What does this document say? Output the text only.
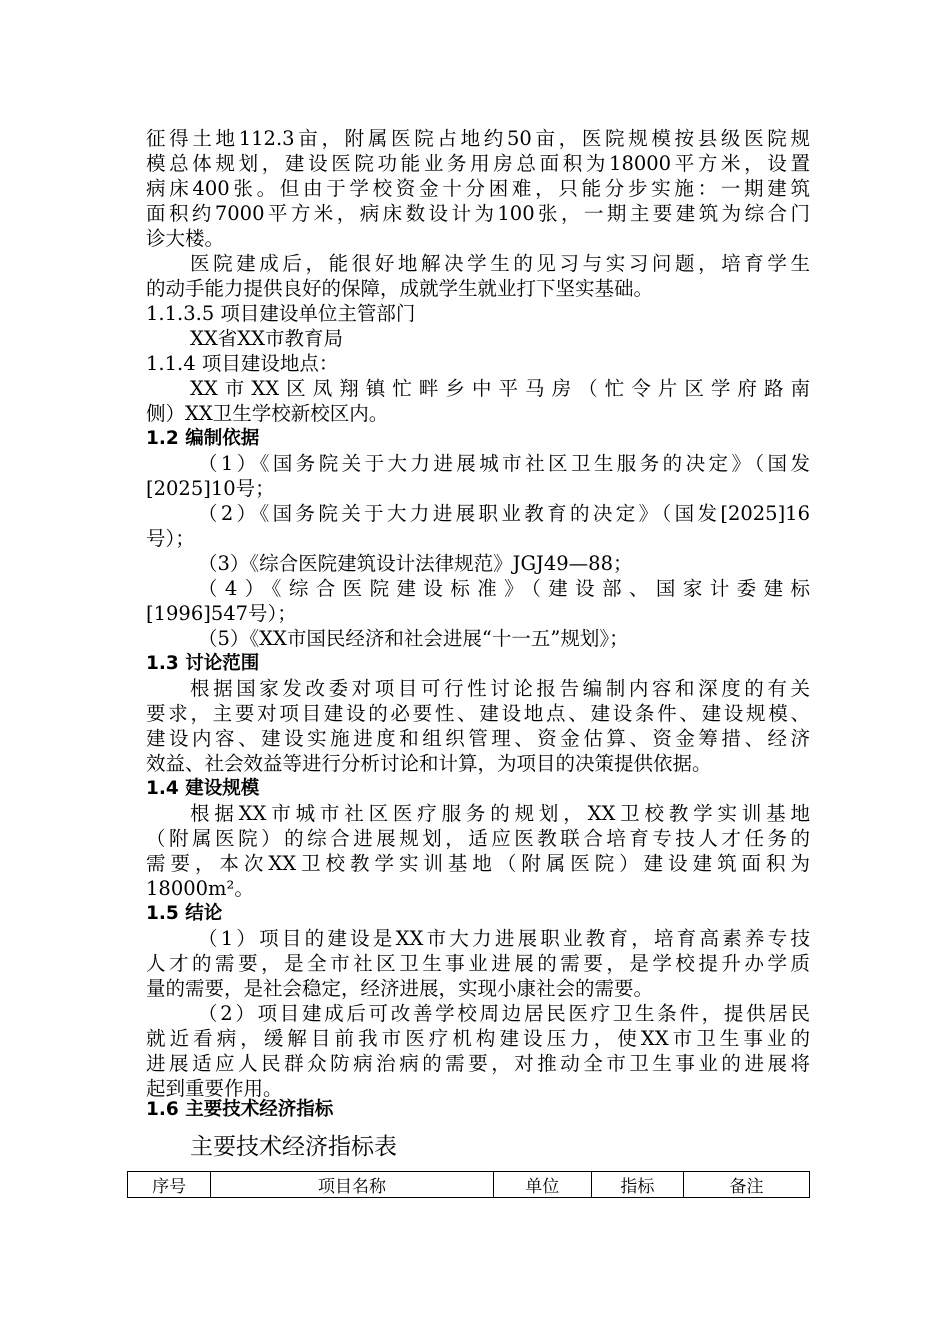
征得土地112.3亩，附属医院占地约50亩，医院规模按县级医院规
模总体规划，建设医院功能业务用房总面积为18000平方米，设置
病床400张。但由于学校资金十分困难，只能分步实施：一期建筑
面积约7000平方米，病床数设计为100张，一期主要建筑为综合门
诊大楼。
医院建成后，能很好地解决学生的见习与实习问题，培育学生
的动手能力提供良好的保障，成就学生就业打下坚实基础。
1.1.3.5 项目建设单位主管部门
XX省XX市教育局
1.1.4 项目建设地点：
XX市XX区凤翔镇忙畔乡中平马房（忙令片区学府路南
侧）XX卫生学校新校区内。
1.2 编制依据
（1）《国务院关于大力进展城市社区卫生服务的决定》（国发
[2025]10号；
（2）《国务院关于大力进展职业教育的决定》（国发[2025]16
号）；
（3）《综合医院建筑设计法律规范》JGJ49—88；
（4）《综合医院建设标准》（建设部、国家计委建标
[1996]547号）；
（5）《XX市国民经济和社会进展“十一五”规划》；
1.3 讨论范围
根据国家发改委对项目可行性讨论报告编制内容和深度的有关
要求，主要对项目建设的必要性、建设地点、建设条件、建设规模、
建设内容、建设实施进度和组织管理、资金估算、资金筹措、经济
效益、社会效益等进行分析讨论和计算，为项目的决策提供依据。
1.4 建设规模
根据XX市城市社区医疗服务的规划，XX卫校教学实训基地
（附属医院）的综合进展规划，适应医教联合培育专技人才任务的
需要，本次XX卫校教学实训基地（附属医院）建设建筑面积为
18000m²。
1.5 结论
（1）项目的建设是XX市大力进展职业教育，培育高素养专技
人才的需要，是全市社区卫生事业进展的需要，是学校提升办学质
量的需要，是社会稳定，经济进展，实现小康社会的需要。
（2）项目建成后可改善学校周边居民医疗卫生条件，提供居民
就近看病，缓解目前我市医疗机构建设压力，使XX市卫生事业的
进展适应人民群众防病治病的需要，对推动全市卫生事业的进展将
起到重要作用。
1.6 主要技术经济指标
主要技术经济指标表
序号	项目名称	单位	指标	备注
